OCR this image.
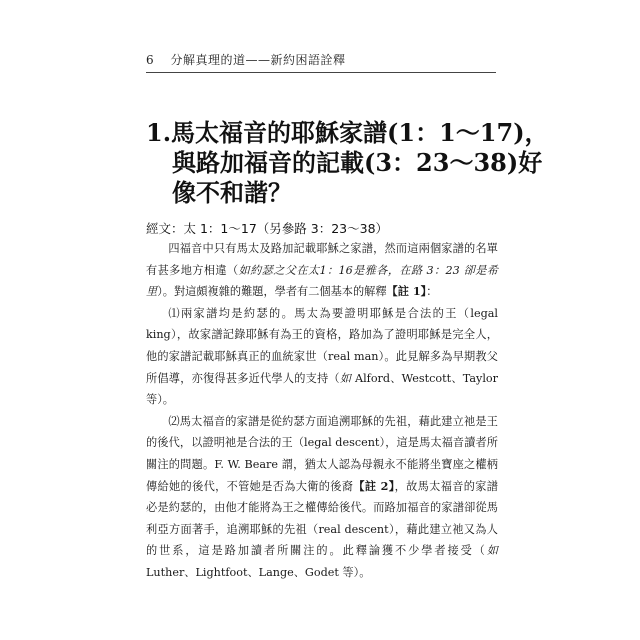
6 分解真理的道——新約困語詮釋
1.馬太福音的耶穌家譜(1：1～17)，
與路加福音的記載(3：23～38)好
像不和諧？
經文：太 1：1～17（另參路 3：23～38）

四福音中只有馬太及路加記載耶穌之家譜，然而這兩個家譜的名單有甚多地方相違（如約瑟之父在太1：16是雅各，在路 3：23 卻是希里）。對這頗複雜的難題，學者有二個基本的解釋【註 1】：

⑴兩家譜均是約瑟的。馬太為要證明耶穌是合法的王（legal king），故家譜記錄耶穌有為王的資格，路加為了證明耶穌是完全人，他的家譜記載耶穌真正的血統家世（real man）。此見解多為早期教父所倡導，亦復得甚多近代學人的支持（如 Alford、Westcott、Taylor 等）。

⑵馬太福音的家譜是從約瑟方面追溯耶穌的先祖，藉此建立祂是王的後代，以證明祂是合法的王（legal descent），這是馬太福音讀者所關注的問題。F. W. Beare 謂，猶太人認為母親永不能將坐寶座之權柄傳給她的後代，不管她是否為大衛的後裔【註 2】，故馬太福音的家譜必是約瑟的，由他才能將為王之權傳給後代。而路加福音的家譜卻從馬利亞方面著手，追溯耶穌的先祖（real descent），藉此建立祂又為人的世系，這是路加讀者所關注的。此釋論獲不少學者接受（如 Luther、Lightfoot、Lange、Godet 等）。
